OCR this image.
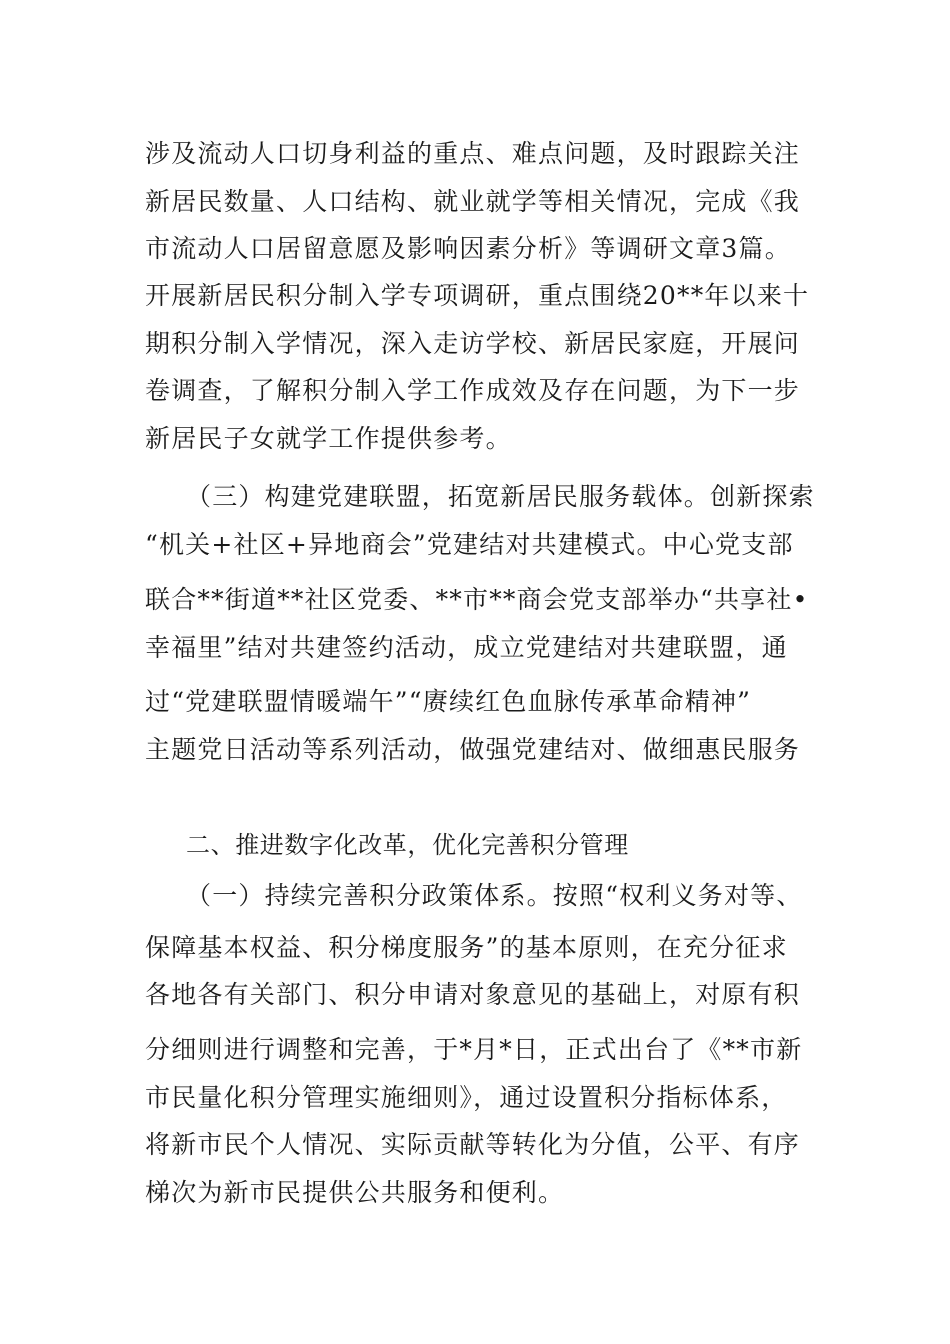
涉及流动人口切身利益的重点、难点问题，及时跟踪关注
新居民数量、人口结构、就业就学等相关情况，完成《我
市流动人口居留意愿及影响因素分析》等调研文章3篇。
开展新居民积分制入学专项调研，重点围绕20**年以来十
期积分制入学情况，深入走访学校、新居民家庭，开展问
卷调查，了解积分制入学工作成效及存在问题，为下一步
新居民子女就学工作提供参考。
（三）构建党建联盟，拓宽新居民服务载体。创新探索
“机关+社区+异地商会”党建结对共建模式。中心党支部
联合**街道**社区党委、**市**商会党支部举办“共享社•
幸福里”结对共建签约活动，成立党建结对共建联盟，通
过“党建联盟情暖端午”“赓续红色血脉传承革命精神”
主题党日活动等系列活动，做强党建结对、做细惠民服务
二、推进数字化改革，优化完善积分管理
（一）持续完善积分政策体系。按照“权利义务对等、
保障基本权益、积分梯度服务”的基本原则，在充分征求
各地各有关部门、积分申请对象意见的基础上，对原有积
分细则进行调整和完善，于*月*日，正式出台了《**市新
市民量化积分管理实施细则》，通过设置积分指标体系，
将新市民个人情况、实际贡献等转化为分值，公平、有序
梯次为新市民提供公共服务和便利。
